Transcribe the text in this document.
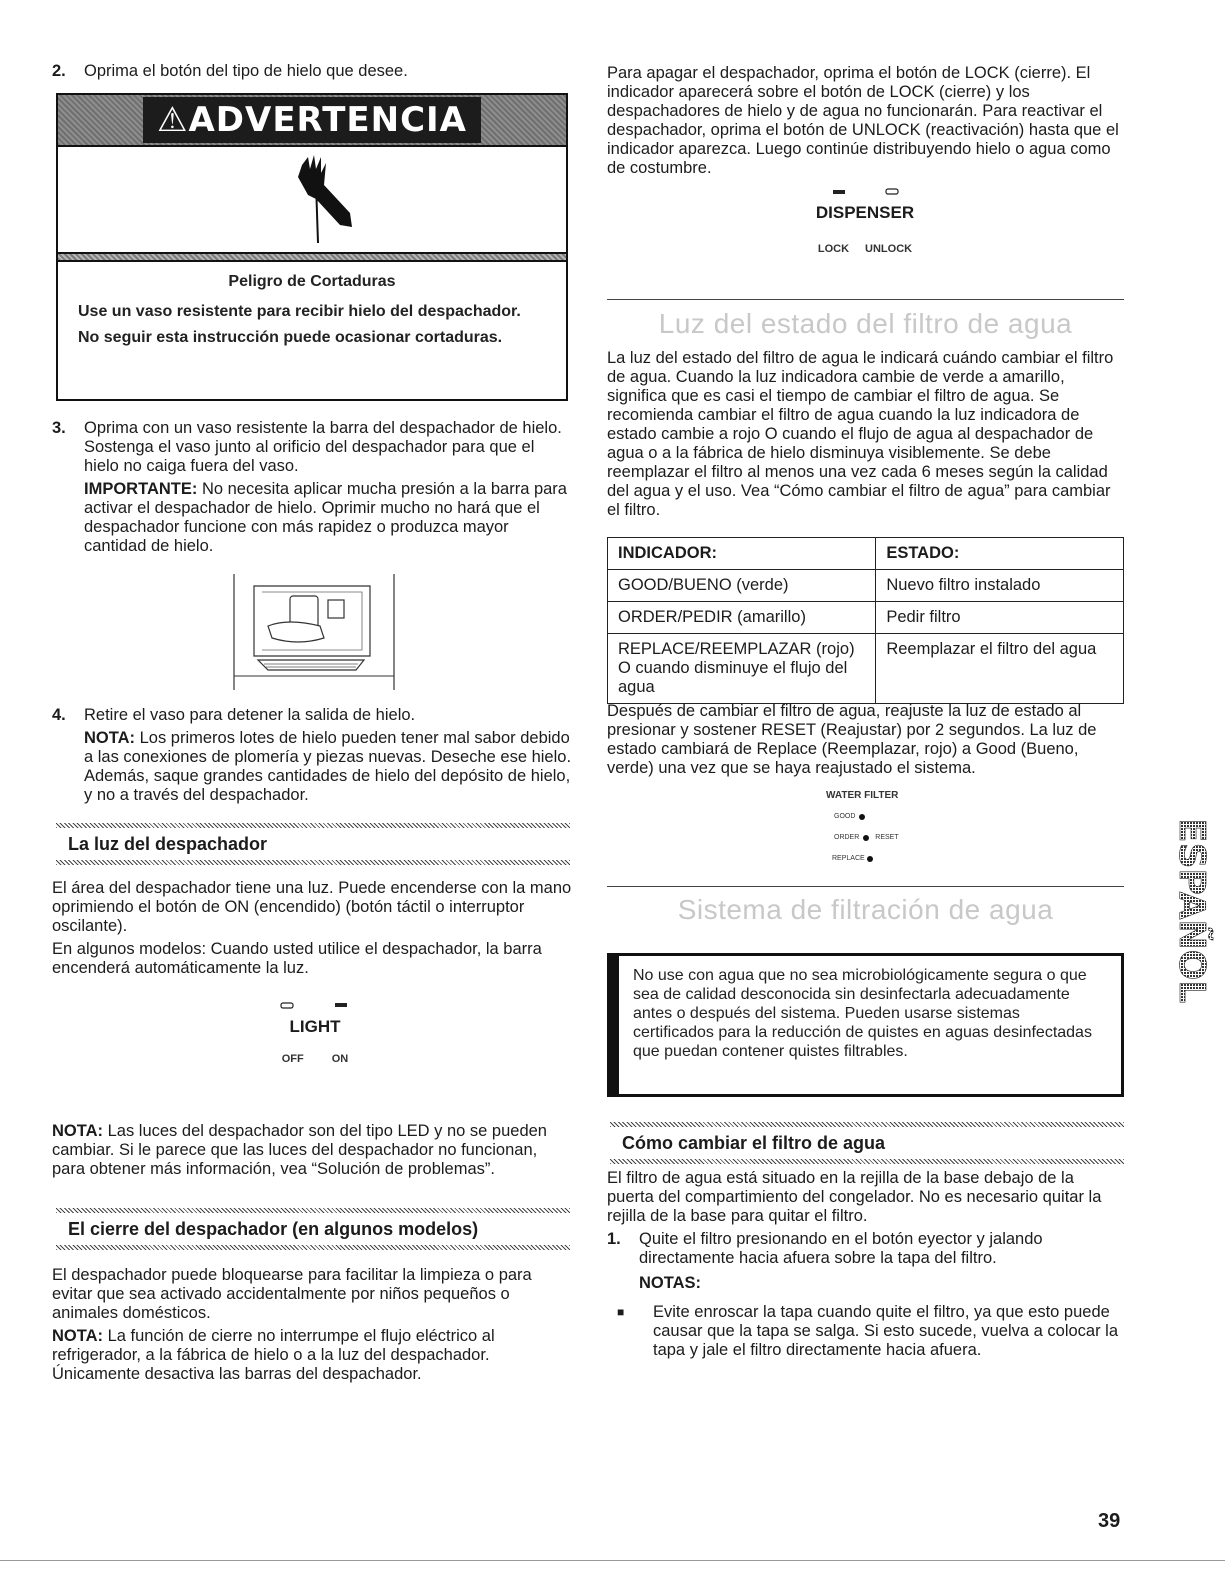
2.	Oprima el botón del tipo de hielo que desee.

⚠ADVERTENCIA

Peligro de Cortaduras

Use un vaso resistente para recibir hielo del despachador.

No seguir esta instrucción puede ocasionar cortaduras.

3.	Oprima con un vaso resistente la barra del despachador de hielo. Sostenga el vaso junto al orificio del despachador para que el hielo no caiga fuera del vaso.

IMPORTANTE: No necesita aplicar mucha presión a la barra para activar el despachador de hielo. Oprimir mucho no hará que el despachador funcione con más rapidez o produzca mayor cantidad de hielo.

4.	Retire el vaso para detener la salida de hielo.

NOTA: Los primeros lotes de hielo pueden tener mal sabor debido a las conexiones de plomería y piezas nuevas. Deseche ese hielo. Además, saque grandes cantidades de hielo del depósito de hielo, y no a través del despachador.

La luz del despachador

El área del despachador tiene una luz. Puede encenderse con la mano oprimiendo el botón de ON (encendido) (botón táctil o interruptor oscilante).

En algunos modelos: Cuando usted utilice el despachador, la barra encenderá automáticamente la luz.

LIGHT
OFF	ON

NOTA: Las luces del despachador son del tipo LED y no se pueden cambiar. Si le parece que las luces del despachador no funcionan, para obtener más información, vea “Solución de problemas”.

El cierre del despachador (en algunos modelos)

El despachador puede bloquearse para facilitar la limpieza o para evitar que sea activado accidentalmente por niños pequeños o animales domésticos.

NOTA: La función de cierre no interrumpe el flujo eléctrico al refrigerador, a la fábrica de hielo o a la luz del despachador. Únicamente desactiva las barras del despachador.

Para apagar el despachador, oprima el botón de LOCK (cierre). El indicador aparecerá sobre el botón de LOCK (cierre) y los despachadores de hielo y de agua no funcionarán. Para reactivar el despachador, oprima el botón de UNLOCK (reactivación) hasta que el indicador aparezca. Luego continúe distribuyendo hielo o agua como de costumbre.

DISPENSER
LOCK UNLOCK
Luz del estado del filtro de agua

La luz del estado del filtro de agua le indicará cuándo cambiar el filtro de agua. Cuando la luz indicadora cambie de verde a amarillo, significa que es casi el tiempo de cambiar el filtro de agua. Se recomienda cambiar el filtro de agua cuando la luz indicadora de estado cambie a rojo O cuando el flujo de agua al despachador de agua o a la fábrica de hielo disminuya visiblemente. Se debe reemplazar el filtro al menos una vez cada 6 meses según la calidad del agua y el uso. Vea “Cómo cambiar el filtro de agua” para cambiar el filtro.

INDICADOR:	ESTADO:
GOOD/BUENO (verde)	Nuevo filtro instalado
ORDER/PEDIR (amarillo)	Pedir filtro
REPLACE/REEMPLAZAR (rojo) O cuando disminuye el flujo del agua	Reemplazar el filtro del agua

Después de cambiar el filtro de agua, reajuste la luz de estado al presionar y sostener RESET (Reajustar) por 2 segundos. La luz de estado cambiará de Replace (Reemplazar, rojo) a Good (Bueno, verde) una vez que se haya reajustado el sistema.

WATER FILTER
GOOD
ORDER RESET
REPLACE
Sistema de filtración de agua

No use con agua que no sea microbiológicamente segura o que sea de calidad desconocida sin desinfectarla adecuadamente antes o después del sistema. Pueden usarse sistemas certificados para la reducción de quistes en aguas desinfectadas que puedan contener quistes filtrables.

Cómo cambiar el filtro de agua

El filtro de agua está situado en la rejilla de la base debajo de la puerta del compartimiento del congelador. No es necesario quitar la rejilla de la base para quitar el filtro.

1.	Quite el filtro presionando en el botón eyector y jalando directamente hacia afuera sobre la tapa del filtro.

NOTAS:

■	Evite enroscar la tapa cuando quite el filtro, ya que esto puede causar que la tapa se salga. Si esto sucede, vuelva a colocar la tapa y jale el filtro directamente hacia afuera.

ESPAÑOL
39
